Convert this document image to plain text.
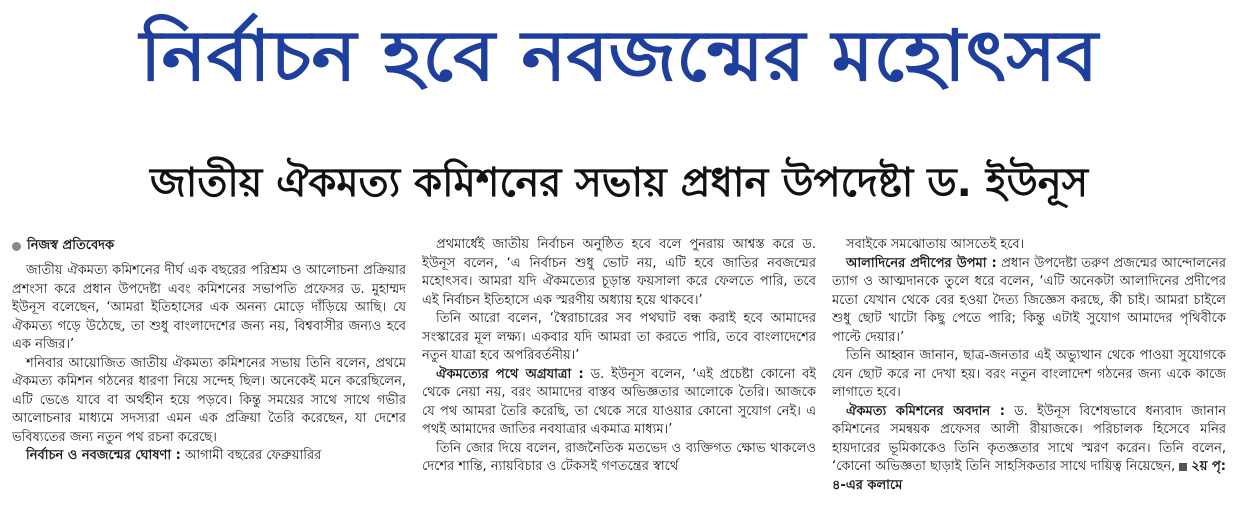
নির্বাচন হবে নবজন্মের মহোৎসব
জাতীয় ঐকমত্য কমিশনের সভায় প্রধান উপদেষ্টা ড. ইউনূস
নিজস্ব প্রতিবেদক

জাতীয় ঐকমত্য কমিশনের দীর্ঘ এক বছরের পরিশ্রম ও আলোচনা প্রক্রিয়ার প্রশংসা করে প্রধান উপদেষ্টা এবং কমিশনের সভাপতি প্রফেসর ড. মুহাম্মদ ইউনূস বলেছেন, ‘আমরা ইতিহাসের এক অনন্য মোড়ে দাঁড়িয়ে আছি। যে ঐকমত্য গড়ে উঠেছে, তা শুধু বাংলাদেশের জন্য নয়, বিশ্ববাসীর জন্যও হবে এক নজির।’

শনিবার আয়োজিত জাতীয় ঐকমত্য কমিশনের সভায় তিনি বলেন, প্রথমে ঐকমত্য কমিশন গঠনের ধারণা নিয়ে সন্দেহ ছিল। অনেকেই মনে করেছিলেন, এটি ভেঙে যাবে বা অর্থহীন হয়ে পড়বে। কিন্তু সময়ের সাথে সাথে গভীর আলোচনার মাধ্যমে সদস্যরা এমন এক প্রক্রিয়া তৈরি করেছেন, যা দেশের ভবিষ্যতের জন্য নতুন পথ রচনা করেছে।

নির্বাচন ও নবজন্মের ঘোষণা : আগামী বছরের ফেব্রুয়ারির

প্রথমার্ধেই জাতীয় নির্বাচন অনুষ্ঠিত হবে বলে পুনরায় আশ্বস্ত করে ড. ইউনূস বলেন, ‘এ নির্বাচন শুধু ভোট নয়, এটি হবে জাতির নবজন্মের মহোৎসব। আমরা যদি ঐকমত্যের চূড়ান্ত ফয়সালা করে ফেলতে পারি, তবে এই নির্বাচন ইতিহাসে এক স্মরণীয় অধ্যায় হয়ে থাকবে।’

তিনি আরো বলেন, ‘স্বৈরাচারের সব পথঘাট বন্ধ করাই হবে আমাদের সংস্কারের মূল লক্ষ্য। একবার যদি আমরা তা করতে পারি, তবে বাংলাদেশের নতুন যাত্রা হবে অপরিবর্তনীয়।’

ঐকমত্যের পথে অগ্রযাত্রা : ড. ইউনূস বলেন, ‘এই প্রচেষ্টা কোনো বই থেকে নেয়া নয়, বরং আমাদের বাস্তব অভিজ্ঞতার আলোকে তৈরি। আজকে যে পথ আমরা তৈরি করেছি, তা থেকে সরে যাওয়ার কোনো সুযোগ নেই। এ পথই আমাদের জাতির নবযাত্রার একমাত্র মাধ্যম।’

তিনি জোর দিয়ে বলেন, রাজনৈতিক মতভেদ ও ব্যক্তিগত ক্ষোভ থাকলেও দেশের শান্তি, ন্যায়বিচার ও টেকসই গণতন্ত্রের স্বার্থে

সবাইকে সমঝোতায় আসতেই হবে।

আলাদিনের প্রদীপের উপমা : প্রধান উপদেষ্টা তরুণ প্রজন্মের আন্দোলনের ত্যাগ ও আত্মদানকে তুলে ধরে বলেন, ‘এটি অনেকটা আলাদিনের প্রদীপের মতো যেখান থেকে বের হওয়া দৈত্য জিজ্ঞেস করছে, কী চাই। আমরা চাইলে শুধু ছোট খাটো কিছু পেতে পারি; কিন্তু এটাই সুযোগ আমাদের পৃথিবীকে পাল্টে দেয়ার।’

তিনি আহ্বান জানান, ছাত্র-জনতার এই অভ্যুত্থান থেকে পাওয়া সুযোগকে যেন ছোট করে না দেখা হয়। বরং নতুন বাংলাদেশ গঠনের জন্য একে কাজে লাগাতে হবে।

ঐকমত্য কমিশনের অবদান : ড. ইউনূস বিশেষভাবে ধন্যবাদ জানান কমিশনের সমন্বয়ক প্রফেসর আলী রীয়াজকে। পরিচালক হিসেবে মনির হায়দারের ভূমিকাকেও তিনি কৃতজ্ঞতার সাথে স্মরণ করেন। তিনি বলেন, ‘কোনো অভিজ্ঞতা ছাড়াই তিনি সাহসিকতার সাথে দায়িত্ব নিয়েছেন, ২য় পৃ: ৪-এর কলামে
